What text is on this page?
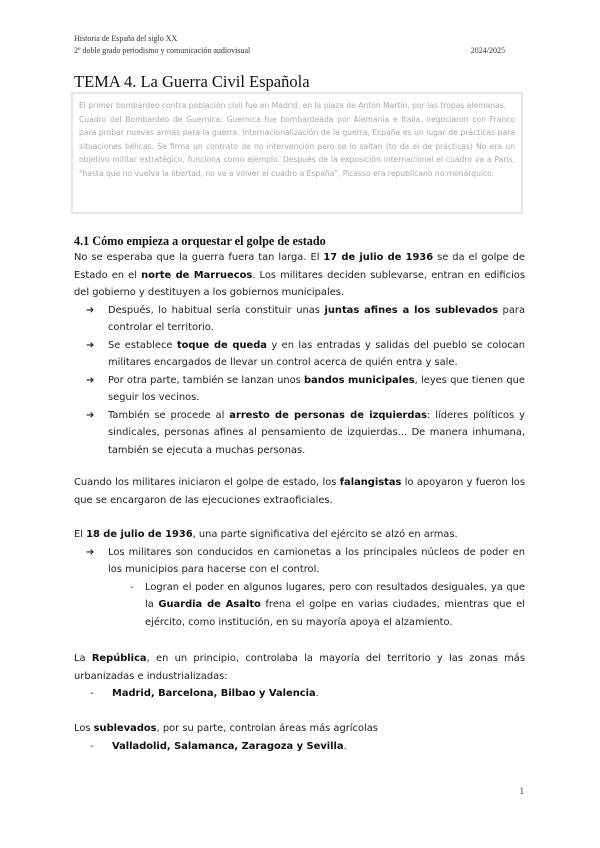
Historia de España del siglo XX
2º doble grado periodismo y comunicación audiovisual	2024/2025
TEMA 4. La Guerra Civil Española

El primer bombardeo contra población civil fue en Madrid, en la plaza de Antón Martín, por las tropas alemanas.

Cuadro del Bombardeo de Guernica: Guernica fue bombardeada por Alemania e Italia, negociaron con Franco para probar nuevas armas para la guerra. Internacionalización de la guerra, España es un lugar de prácticas para situaciones bélicas. Se firma un contrato de no intervención pero se lo saltan (to da el de prácticas) No era un objetivo militar estratégico, funciona como ejemplo. Después de la exposición internacional el cuadro va a París, "hasta que no vuelva la libertad, no va a volver el cuadro a España", Picasso era republicano no monárquico.

4.1 Cómo empieza a orquestar el golpe de estado

No se esperaba que la guerra fuera tan larga. El 17 de julio de 1936 se da el golpe de Estado en el norte de Marruecos. Los militares deciden sublevarse, entran en edificios del gobierno y destituyen a los gobiernos municipales.

➔ Después, lo habitual sería constituir unas juntas afines a los sublevados para controlar el territorio.
➔ Se establece toque de queda y en las entradas y salidas del pueblo se colocan militares encargados de llevar un control acerca de quién entra y sale.
➔ Por otra parte, también se lanzan unos bandos municipales, leyes que tienen que seguir los vecinos.
➔ También se procede al arresto de personas de izquierdas: líderes políticos y sindicales, personas afines al pensamiento de izquierdas... De manera inhumana, también se ejecuta a muchas personas.

Cuando los militares iniciaron el golpe de estado, los falangistas lo apoyaron y fueron los que se encargaron de las ejecuciones extraoficiales.

El 18 de julio de 1936, una parte significativa del ejército se alzó en armas.

➔ Los militares son conducidos en camionetas a los principales núcleos de poder en los municipios para hacerse con el control.
- Logran el poder en algunos lugares, pero con resultados desiguales, ya que la Guardia de Asalto frena el golpe en varias ciudades, mientras que el ejército, como institución, en su mayoría apoya el alzamiento.

La República, en un principio, controlaba la mayoría del territorio y las zonas más urbanizadas e industrializadas:

- Madrid, Barcelona, Bilbao y Valencia.

Los sublevados, por su parte, controlan áreas más agrícolas

- Valladolid, Salamanca, Zaragoza y Sevilla.
1
